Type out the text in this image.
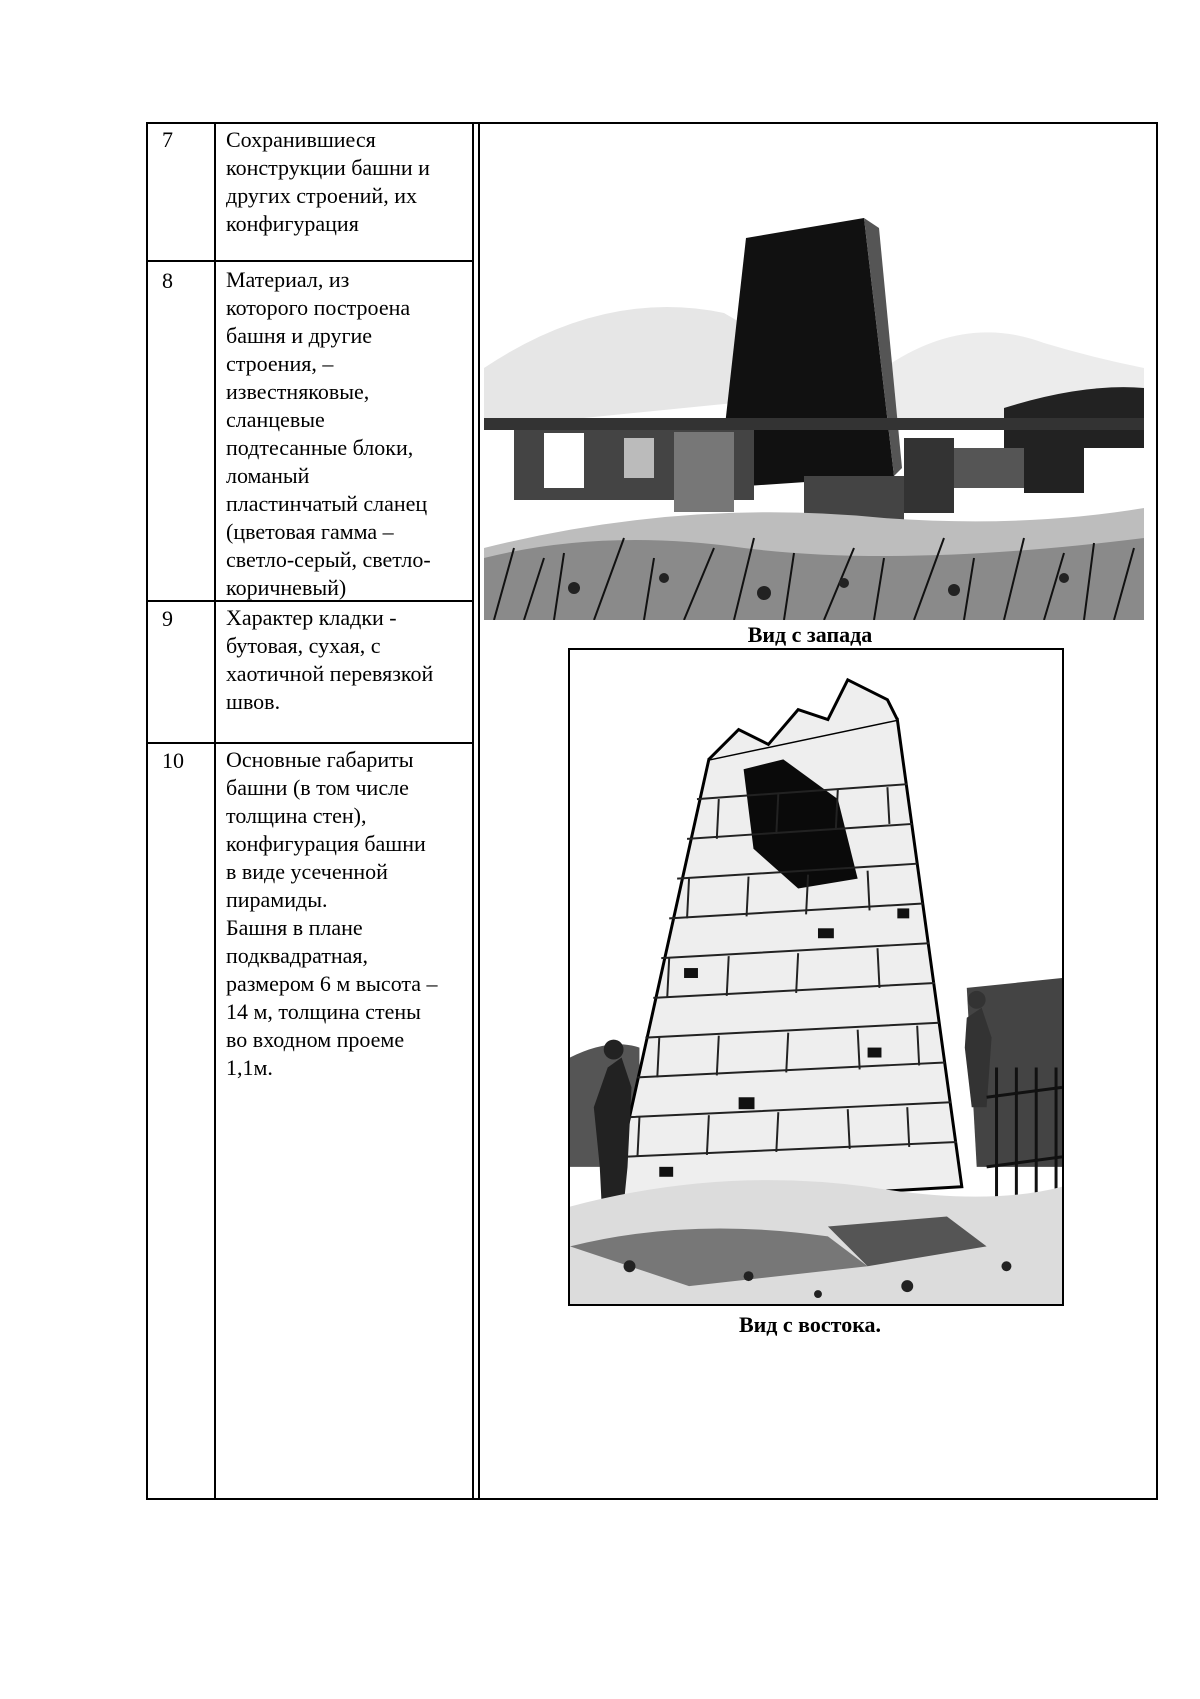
7 Сохранившиеся
конструкции башни и
других строений, их
конфигурация
8 Материал, из
которого построена
башня и другие
строения, –
известняковые,
сланцевые
подтесанные блоки,
ломаный
пластинчатый сланец
(цветовая гамма –
светло-серый, светло-
коричневый)
9 Характер кладки -
бутовая, сухая, с
хаотичной перевязкой
швов.
10 Основные габариты
башни (в том числе
толщина стен),
конфигурация башни
в виде усеченной
пирамиды.
Башня в плане
подквадратная,
размером 6 м высота –
14 м, толщина стены
во входном проеме
1,1м.
Вид с запада
Вид с востока.
